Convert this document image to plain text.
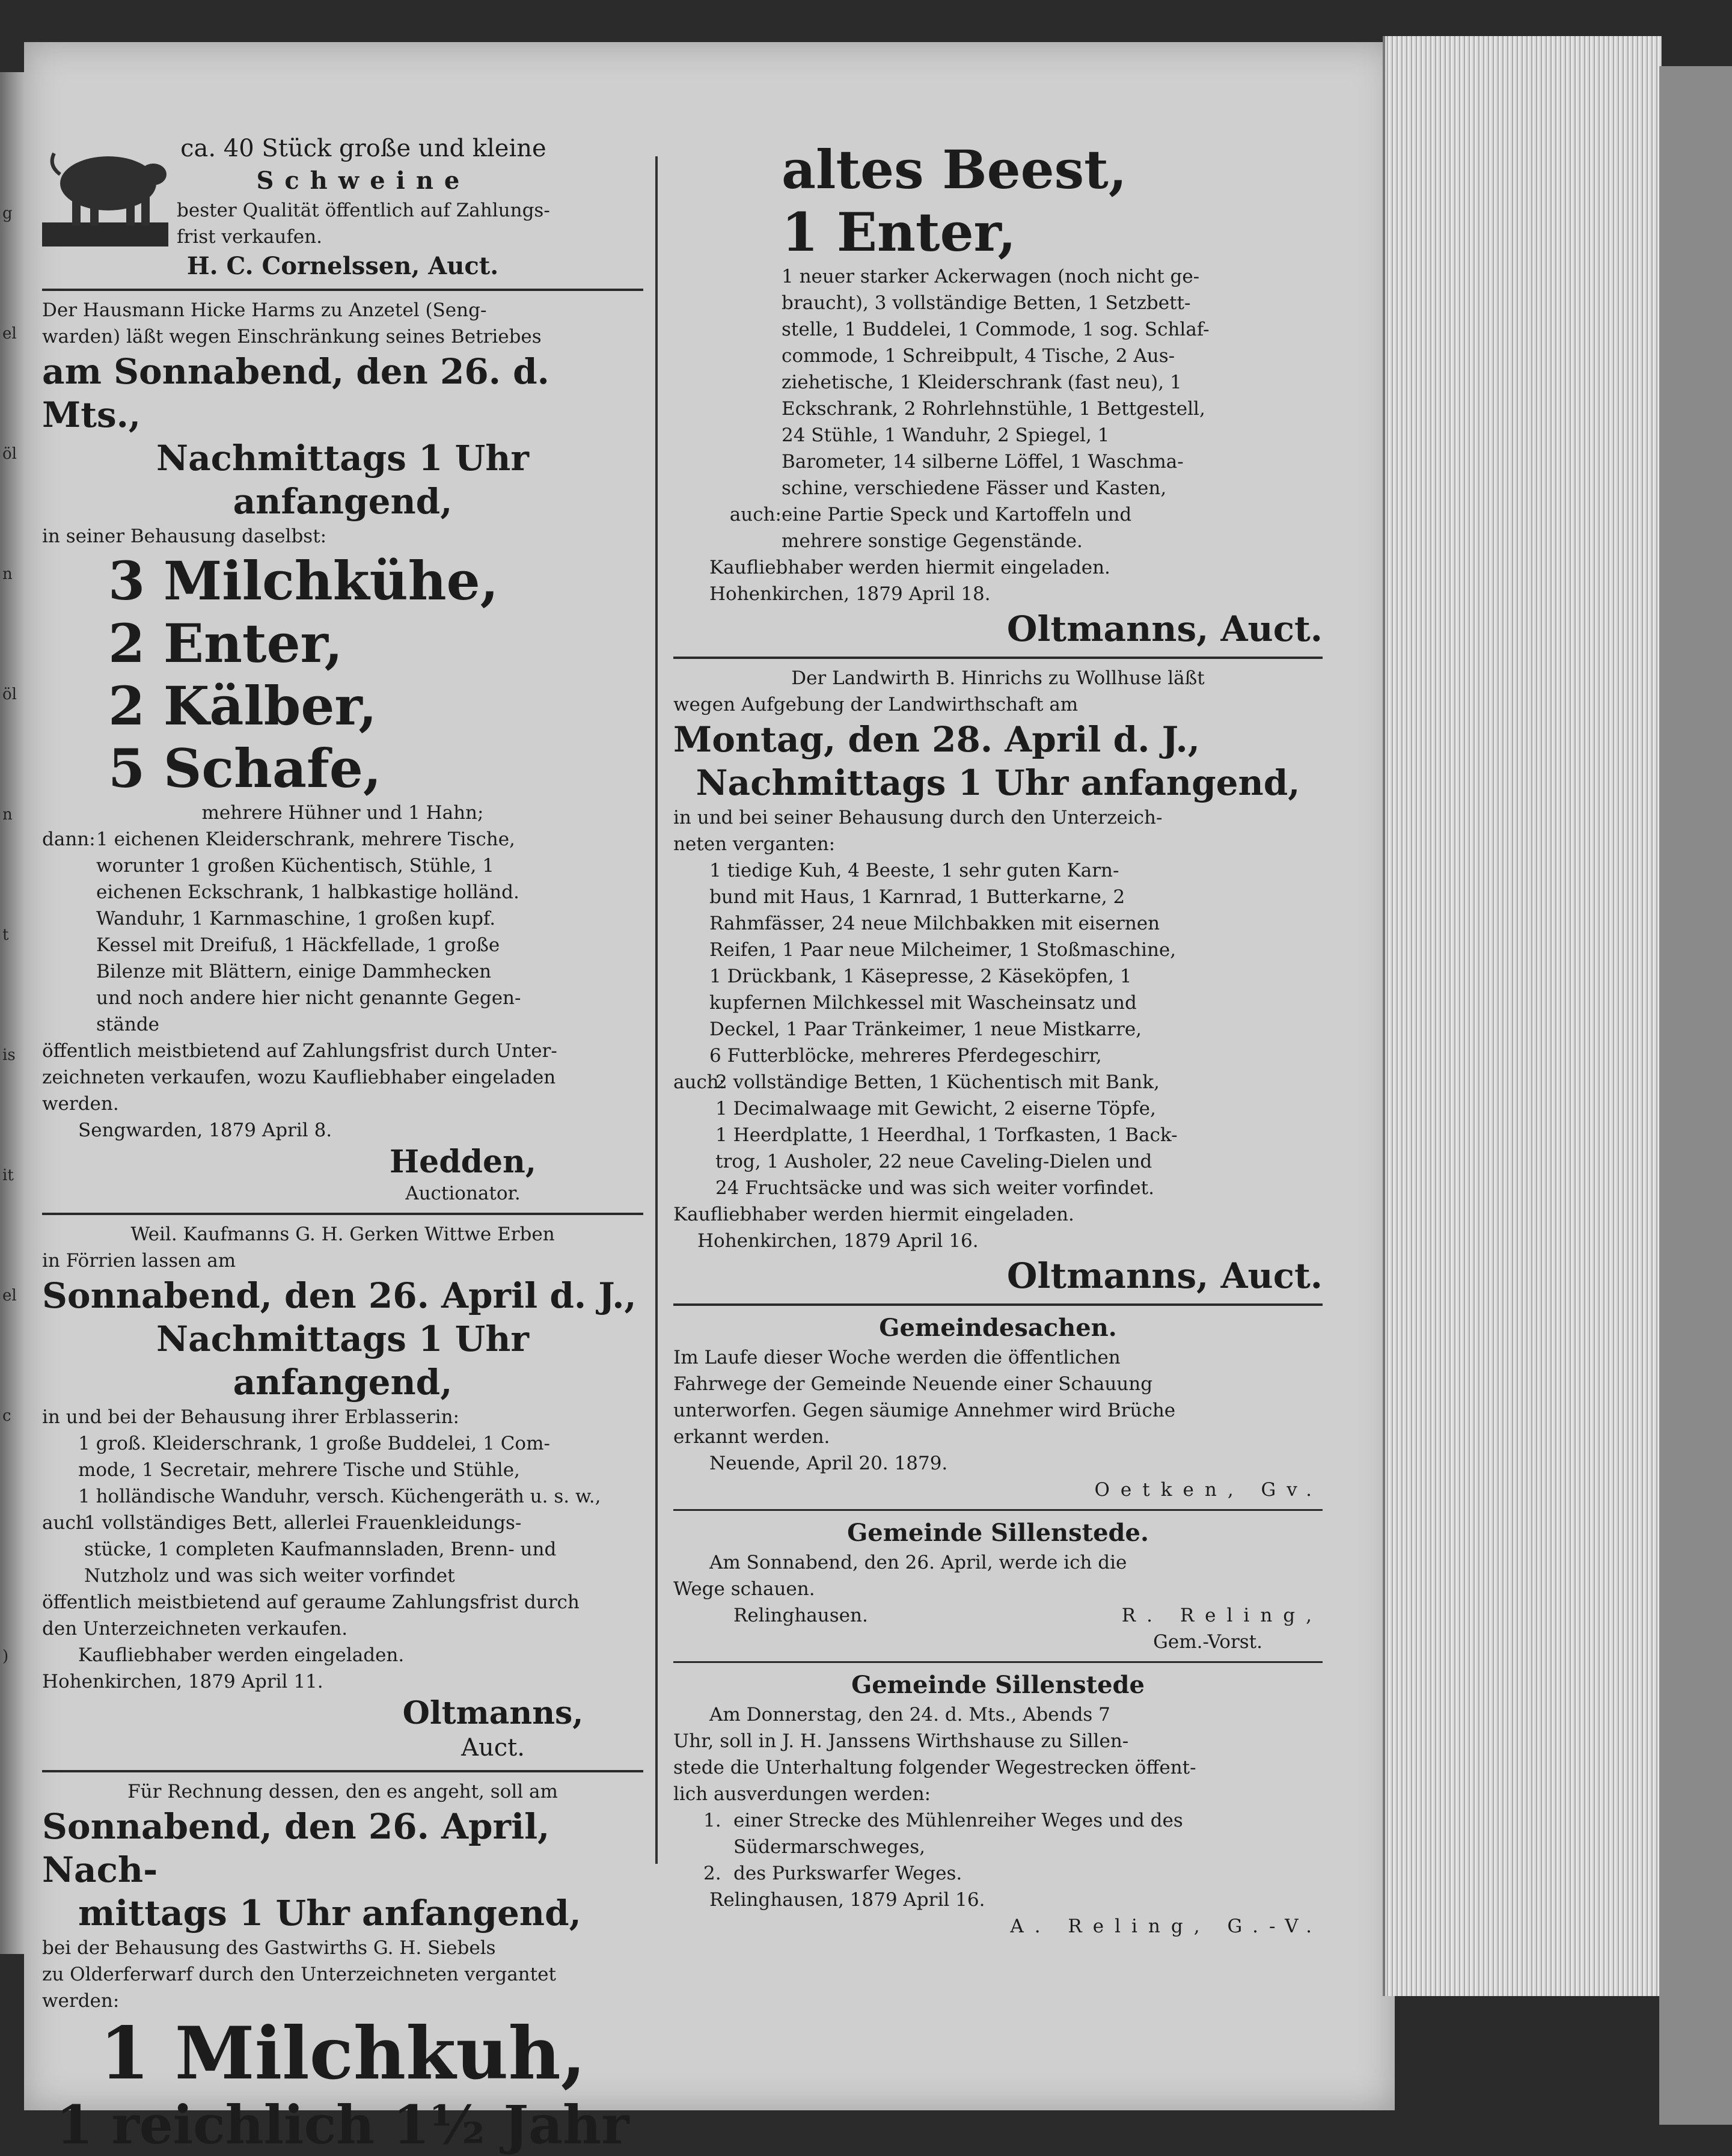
g
el
öl
n
öl
n
t
is
it
el
c
)
ca. 40 Stück große und kleine
Schweine
bester Qualität öffentlich auf Zahlungs-
frist verkaufen.
H. C. Cornelssen, Auct.
Der Hausmann Hicke Harms zu Anzetel (Seng-
warden) läßt wegen Einschränkung seines Betriebes
am Sonnabend, den 26. d. Mts.,
Nachmittags 1 Uhr anfangend,
in seiner Behausung daselbst:
3 Milchkühe,
2 Enter,
2 Kälber,
5 Schafe,
mehrere Hühner und 1 Hahn;
dann: 1 eichenen Kleiderschrank, mehrere Tische,
worunter 1 großen Küchentisch, Stühle, 1
eichenen Eckschrank, 1 halbkastige holländ.
Wanduhr, 1 Karnmaschine, 1 großen kupf.
Kessel mit Dreifuß, 1 Häckfellade, 1 große
Bilenze mit Blättern, einige Dammhecken
und noch andere hier nicht genannte Gegen-
stände
öffentlich meistbietend auf Zahlungsfrist durch Unter-
zeichneten verkaufen, wozu Kaufliebhaber eingeladen
werden.
Sengwarden, 1879 April 8.
Hedden,
Auctionator.
Weil. Kaufmanns G. H. Gerken Wittwe Erben
in Förrien lassen am
Sonnabend, den 26. April d. J.,
Nachmittags 1 Uhr anfangend,
in und bei der Behausung ihrer Erblasserin:
1 groß. Kleiderschrank, 1 große Buddelei, 1 Com-
mode, 1 Secretair, mehrere Tische und Stühle,
1 holländische Wanduhr, versch. Küchengeräth u. s. w.,
auch
1 vollständiges Bett, allerlei Frauenkleidungs-
stücke, 1 completen Kaufmannsladen, Brenn- und
Nutzholz und was sich weiter vorfindet
öffentlich meistbietend auf geraume Zahlungsfrist durch
den Unterzeichneten verkaufen.
Kaufliebhaber werden eingeladen.
Hohenkirchen, 1879 April 11.
Oltmanns,
Auct.
Für Rechnung dessen, den es angeht, soll am
Sonnabend, den 26. April, Nach-
mittags 1 Uhr anfangend,
bei der Behausung des Gastwirths G. H. Siebels
zu Olderferwarf durch den Unterzeichneten vergantet
werden:
1 Milchkuh,
1 reichlich 1½ Jahr
altes Beest,
1 Enter,
1 neuer starker Ackerwagen (noch nicht ge-
braucht), 3 vollständige Betten, 1 Setzbett-
stelle, 1 Buddelei, 1 Commode, 1 sog. Schlaf-
commode, 1 Schreibpult, 4 Tische, 2 Aus-
ziehetische, 1 Kleiderschrank (fast neu), 1
Eckschrank, 2 Rohrlehnstühle, 1 Bettgestell,
24 Stühle, 1 Wanduhr, 2 Spiegel, 1
Barometer, 14 silberne Löffel, 1 Waschma-
schine, verschiedene Fässer und Kasten,
auch: eine Partie Speck und Kartoffeln und
mehrere sonstige Gegenstände.
Kaufliebhaber werden hiermit eingeladen.
Hohenkirchen, 1879 April 18.
Oltmanns, Auct.
Der Landwirth B. Hinrichs zu Wollhuse läßt
wegen Aufgebung der Landwirthschaft am
Montag, den 28. April d. J.,
Nachmittags 1 Uhr anfangend,
in und bei seiner Behausung durch den Unterzeich-
neten verganten:
1 tiedige Kuh, 4 Beeste, 1 sehr guten Karn-
bund mit Haus, 1 Karnrad, 1 Butterkarne, 2
Rahmfässer, 24 neue Milchbakken mit eisernen
Reifen, 1 Paar neue Milcheimer, 1 Stoßmaschine,
1 Drückbank, 1 Käsepresse, 2 Käseköpfen, 1
kupfernen Milchkessel mit Wascheinsatz und
Deckel, 1 Paar Tränkeimer, 1 neue Mistkarre,
6 Futterblöcke, mehreres Pferdegeschirr,
auch:
2 vollständige Betten, 1 Küchentisch mit Bank,
1 Decimalwaage mit Gewicht, 2 eiserne Töpfe,
1 Heerdplatte, 1 Heerdhal, 1 Torfkasten, 1 Back-
trog, 1 Ausholer, 22 neue Caveling-Dielen und
24 Fruchtsäcke und was sich weiter vorfindet.
Kaufliebhaber werden hiermit eingeladen.
Hohenkirchen, 1879 April 16.
Oltmanns, Auct.
Gemeindesachen.
Im Laufe dieser Woche werden die öffentlichen
Fahrwege der Gemeinde Neuende einer Schauung
unterworfen. Gegen säumige Annehmer wird Brüche
erkannt werden.
Neuende, April 20. 1879.
Oetken, Gv.
Gemeinde Sillenstede.
Am Sonnabend, den 26. April, werde ich die
Wege schauen.
Relinghausen.	R. Reling,
Gem.-Vorst.
Gemeinde Sillenstede
Am Donnerstag, den 24. d. Mts., Abends 7
Uhr, soll in J. H. Janssens Wirthshause zu Sillen-
stede die Unterhaltung folgender Wegestrecken öffent-
lich ausverdungen werden:
1. einer Strecke des Mühlenreiher Weges und des
Südermarschweges,
2. des Purkswarfer Weges.
Relinghausen, 1879 April 16.
A. Reling, G.-V.
